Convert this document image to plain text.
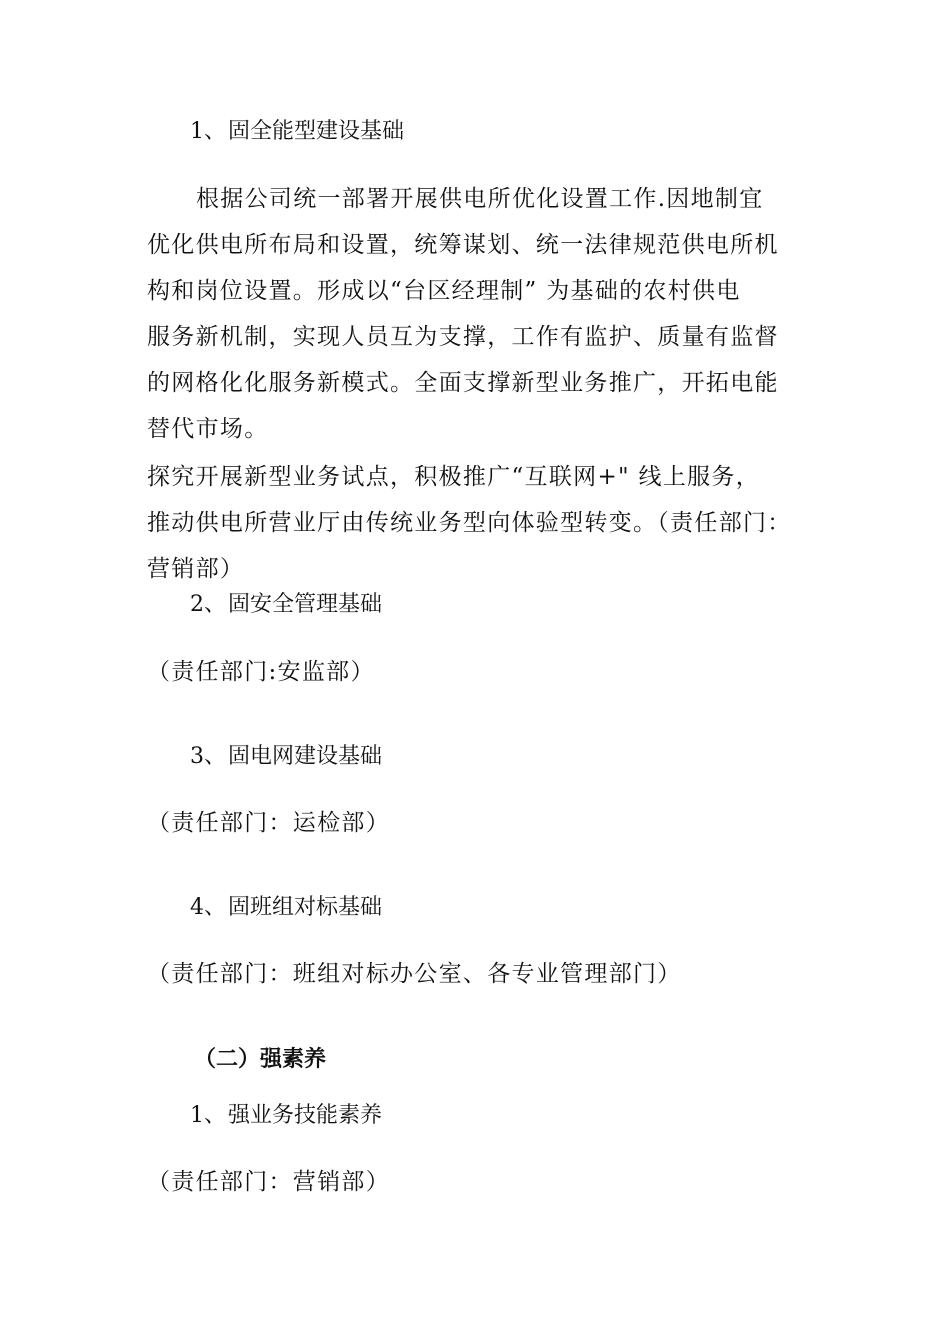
1、固全能型建设基础
根据公司统一部署开展供电所优化设置工作.因地制宜
优化供电所布局和设置，统筹谋划、统一法律规范供电所机
构和岗位设置。形成以“台区经理制” 为基础的农村供电
服务新机制，实现人员互为支撑，工作有监护、质量有监督
的网格化化服务新模式。全面支撑新型业务推广，开拓电能
替代市场。
探究开展新型业务试点，积极推广“互联网+" 线上服务，
推动供电所营业厅由传统业务型向体验型转变。（责任部门：
营销部）
2、固安全管理基础
（责任部门:安监部）
3、固电网建设基础
（责任部门：运检部）
4、固班组对标基础
（责任部门：班组对标办公室、各专业管理部门）
（二）强素养
1、强业务技能素养
（责任部门：营销部）
